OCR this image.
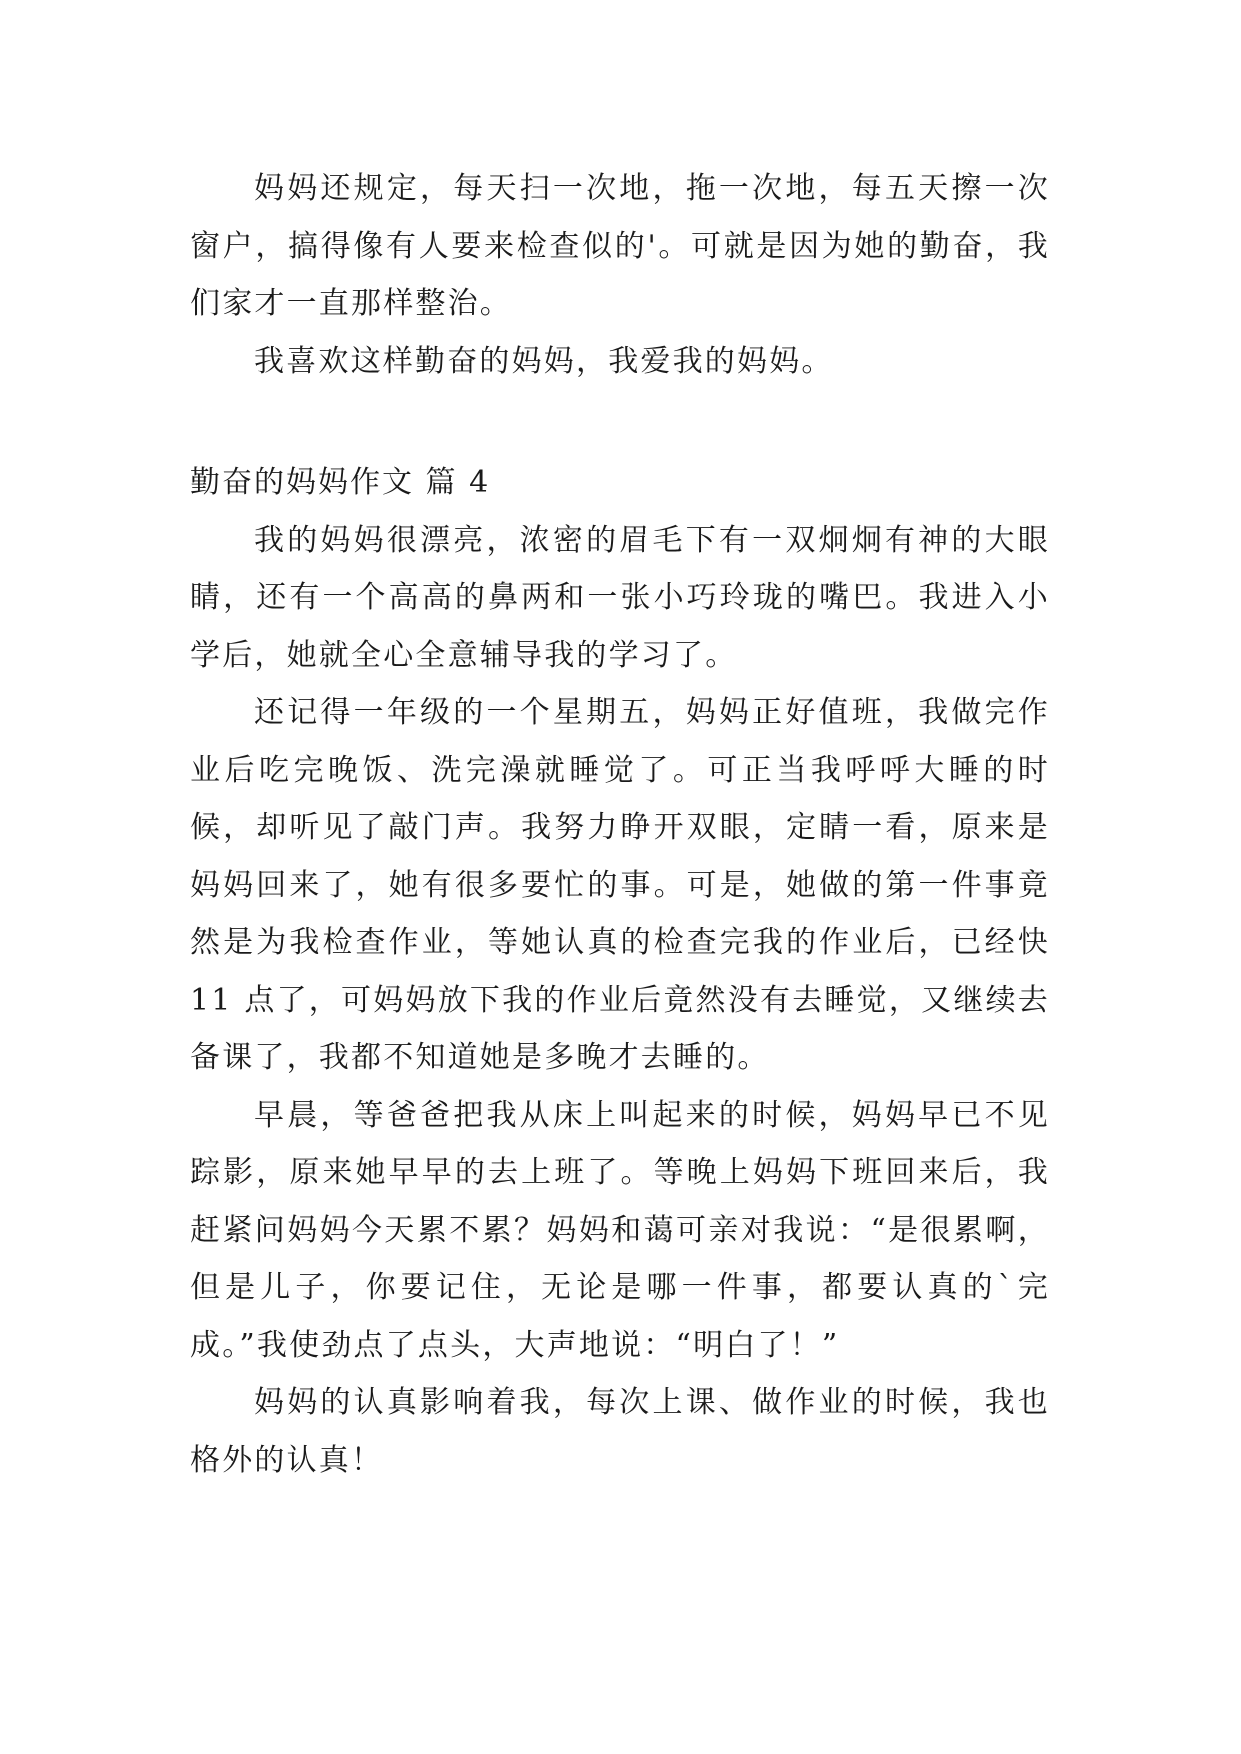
妈妈还规定，每天扫一次地，拖一次地，每五天擦一次窗户，搞得像有人要来检查似的'。可就是因为她的勤奋，我们家才一直那样整治。

我喜欢这样勤奋的妈妈，我爱我的妈妈。

勤奋的妈妈作文 篇 4

我的妈妈很漂亮，浓密的眉毛下有一双炯炯有神的大眼睛，还有一个高高的鼻两和一张小巧玲珑的嘴巴。我进入小学后，她就全心全意辅导我的学习了。

还记得一年级的一个星期五，妈妈正好值班，我做完作业后吃完晚饭、洗完澡就睡觉了。可正当我呼呼大睡的时候，却听见了敲门声。我努力睁开双眼，定睛一看，原来是妈妈回来了，她有很多要忙的事。可是，她做的第一件事竟然是为我检查作业，等她认真的检查完我的作业后，已经快 11 点了，可妈妈放下我的作业后竟然没有去睡觉，又继续去备课了，我都不知道她是多晚才去睡的。

早晨，等爸爸把我从床上叫起来的时候，妈妈早已不见踪影，原来她早早的去上班了。等晚上妈妈下班回来后，我赶紧问妈妈今天累不累？妈妈和蔼可亲对我说：“是很累啊，但是儿子，你要记住，无论是哪一件事，都要认真的`完成。”我使劲点了点头，大声地说：“明白了！”

妈妈的认真影响着我，每次上课、做作业的时候，我也格外的认真！
